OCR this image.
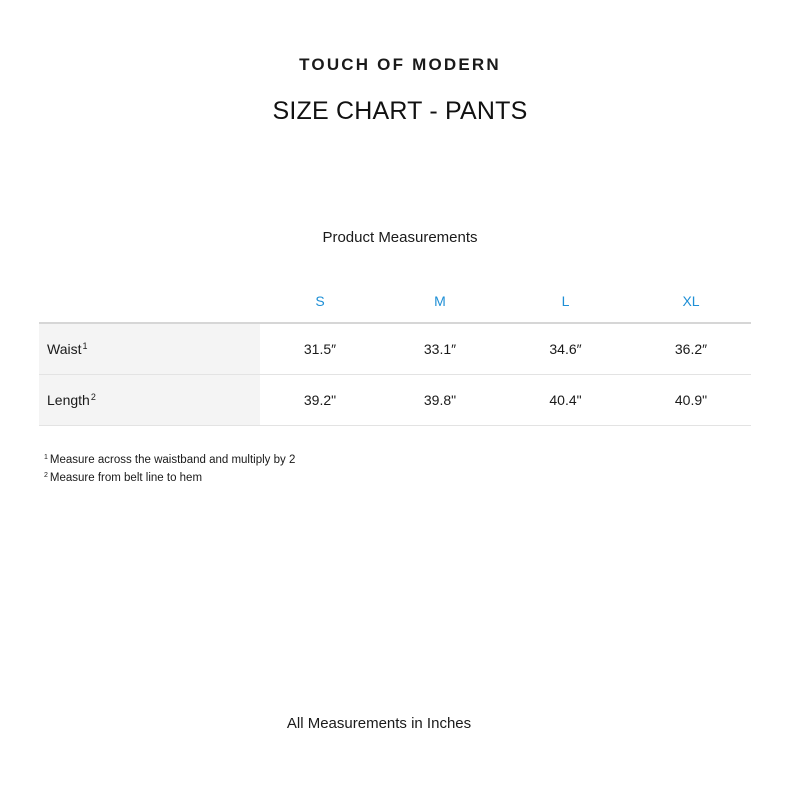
TOUCH OF MODERN
SIZE CHART - PANTS
Product Measurements
	S	M	L	XL
Waist$^1$	31.5″	33.1″	34.6″	36.2″
Length$^2$	39.2"	39.8"	40.4"	40.9"
$^1$ Measure across the waistband and multiply by 2
$^2$ Measure from belt line to hem
All Measurements in Inches
